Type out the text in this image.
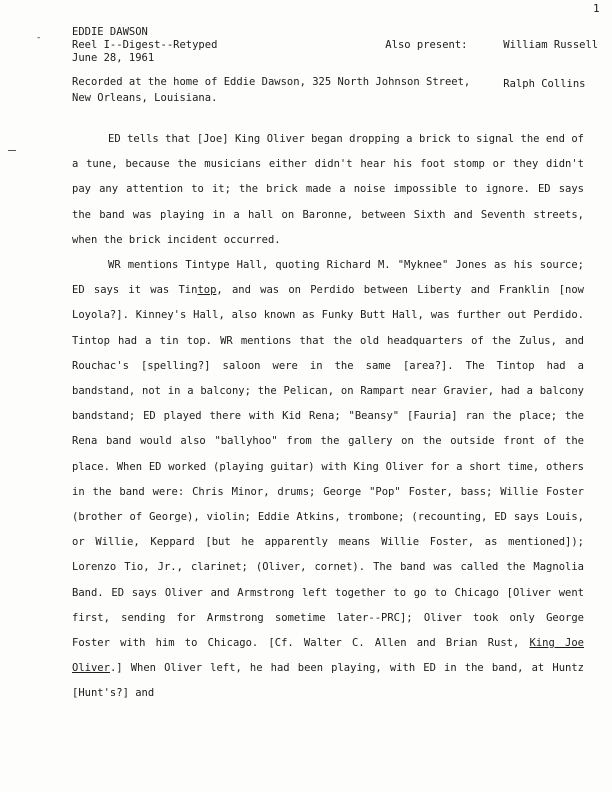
1
-	EDDIE DAWSON
Reel I--Digest--Retyped
June 28, 1961

Also present:	William Russell

Ralph Collins

Recorded at the home of Eddie Dawson, 325 North Johnson Street,
New Orleans, Louisiana.

ED tells that [Joe] King Oliver began dropping a brick to signal the end of a tune, because the musicians either didn't hear his foot stomp or they didn't pay any attention to it; the brick made a noise impossible to ignore. ED says the band was playing in a hall on Baronne, between Sixth and Seventh streets, when the brick incident occurred.

WR mentions Tintype Hall, quoting Richard M. "Myknee" Jones as his source; ED says it was Tintop, and was on Perdido between Liberty and Franklin [now Loyola?]. Kinney's Hall, also known as Funky Butt Hall, was further out Perdido. Tintop had a tin top. WR mentions that the old headquarters of the Zulus, and Rouchac's [spelling?] saloon were in the same [area?]. The Tintop had a bandstand, not in a balcony; the Pelican, on Rampart near Gravier, had a balcony bandstand; ED played there with Kid Rena; "Beansy" [Fauria] ran the place; the Rena band would also "ballyhoo" from the gallery on the outside front of the place. When ED worked (playing guitar) with King Oliver for a short time, others in the band were: Chris Minor, drums; George "Pop" Foster, bass; Willie Foster (brother of George), violin; Eddie Atkins, trombone; (recounting, ED says Louis, or Willie, Keppard [but he apparently means Willie Foster, as mentioned]); Lorenzo Tio, Jr., clarinet; (Oliver, cornet). The band was called the Magnolia Band. ED says Oliver and Armstrong left together to go to Chicago [Oliver went first, sending for Armstrong sometime later--PRC]; Oliver took only George Foster with him to Chicago. [Cf. Walter C. Allen and Brian Rust, King Joe Oliver.] When Oliver left, he had been playing, with ED in the band, at Huntz [Hunt's?] and
